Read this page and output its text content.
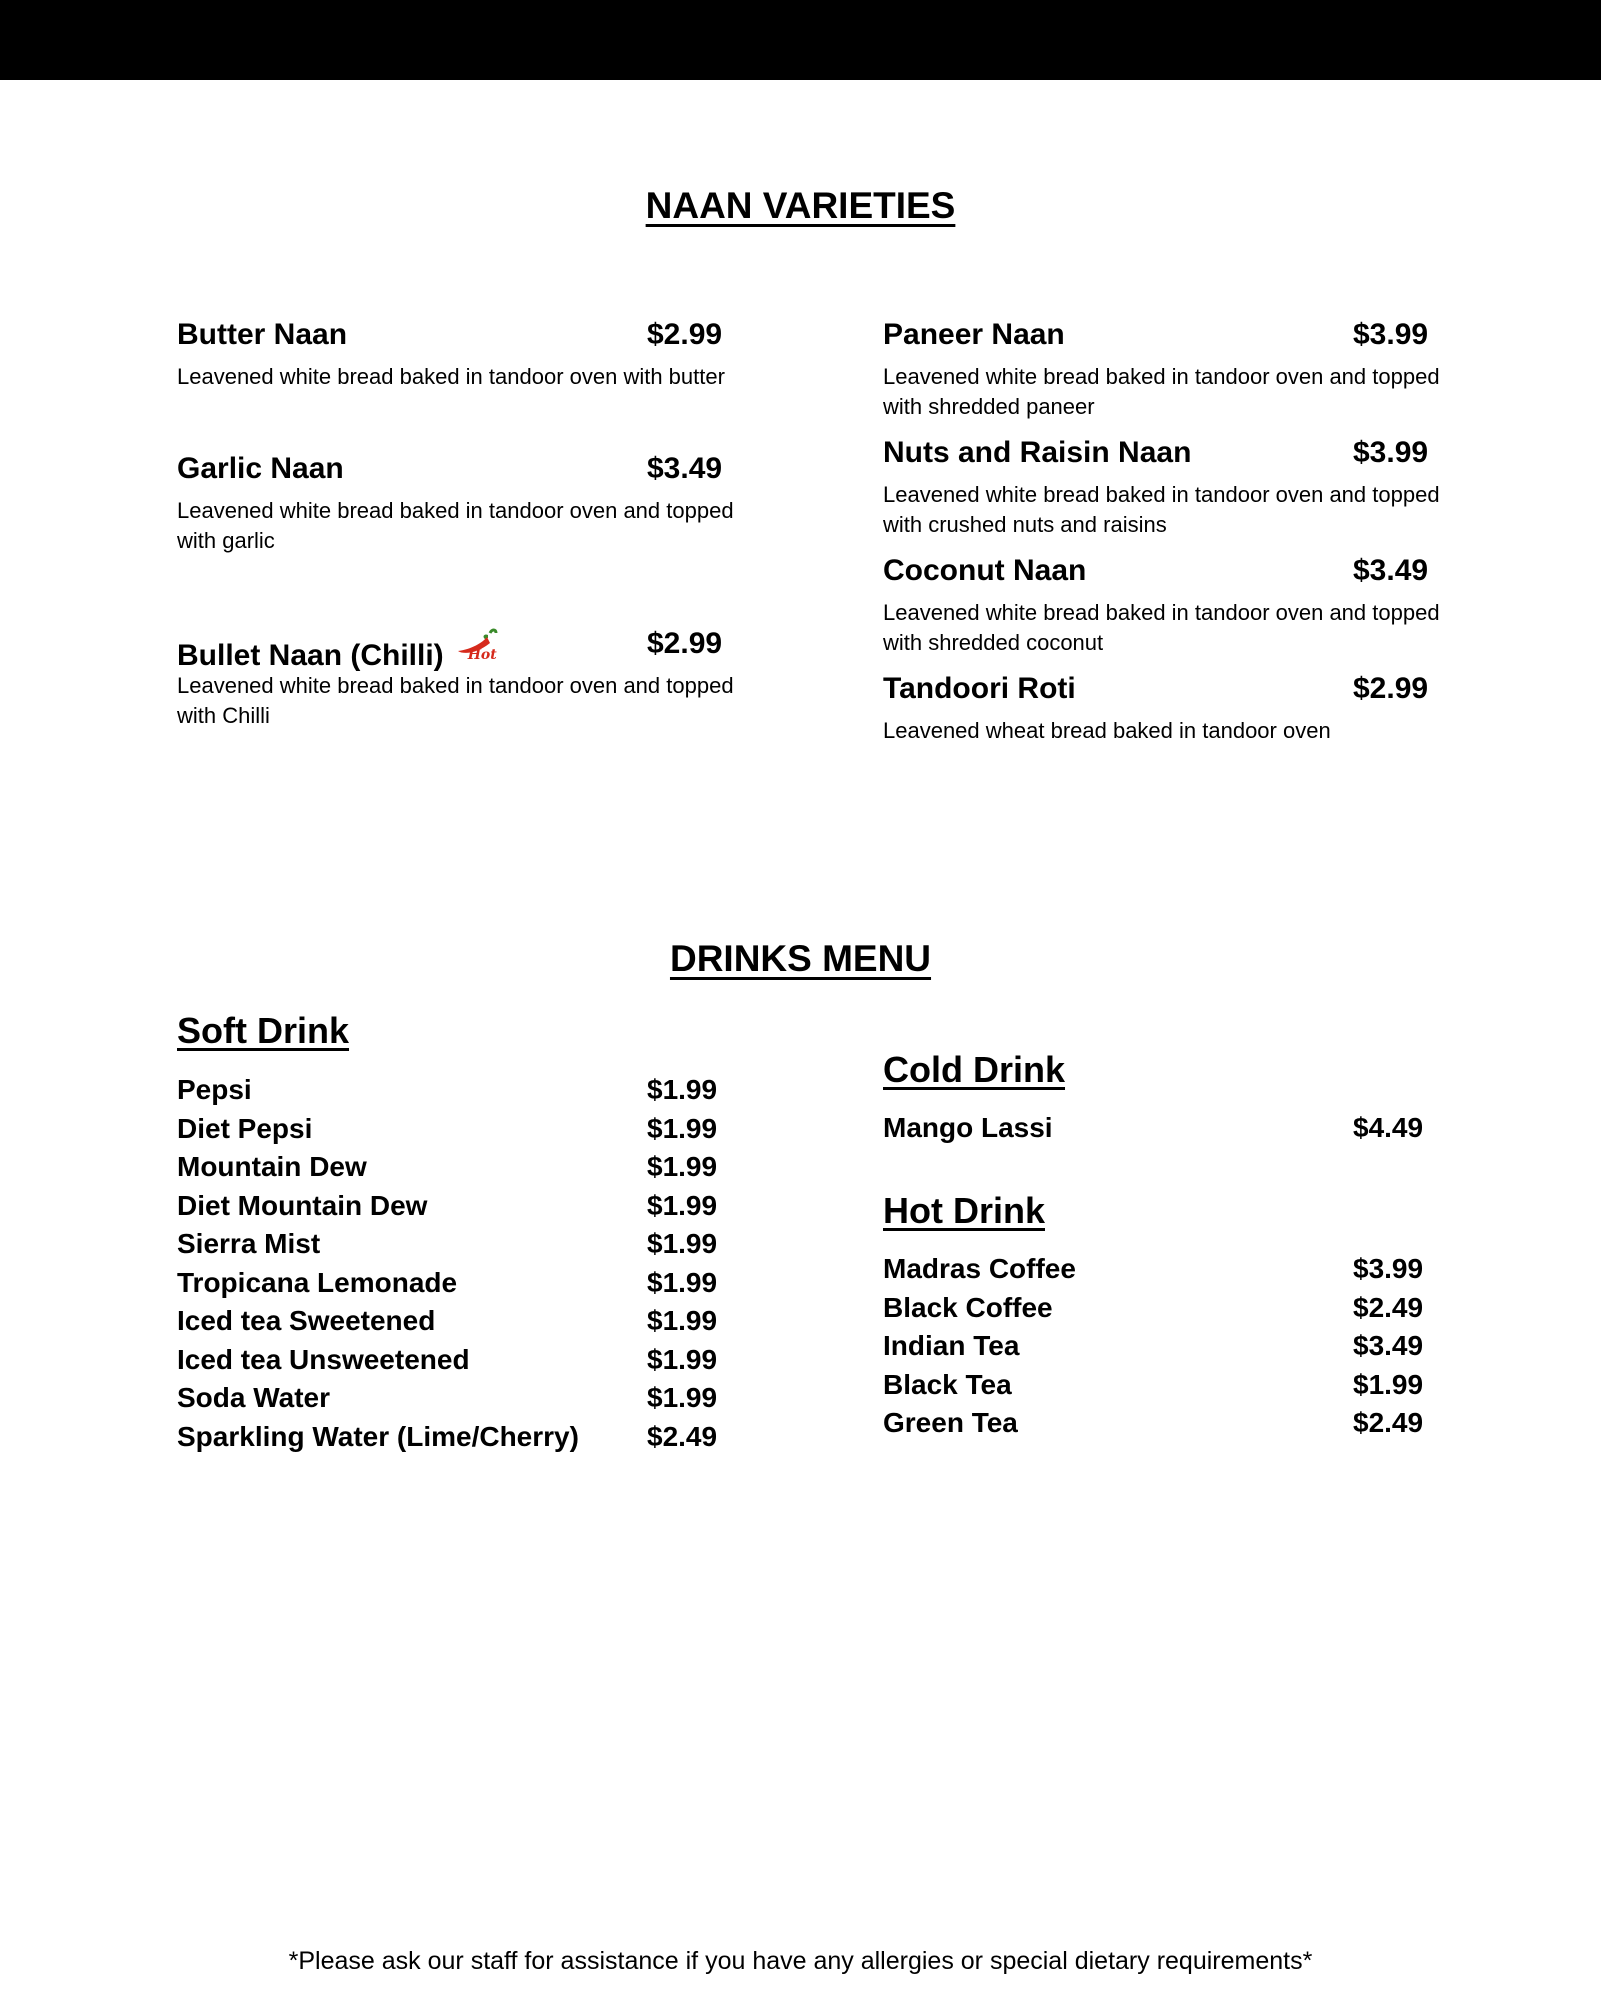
NAAN VARIETIES
Butter Naan	$2.99
Leavened white bread baked in tandoor oven with butter
Garlic Naan	$3.49
Leavened white bread baked in tandoor oven and topped with garlic
Bullet Naan (Chilli) Hot	$2.99
Leavened white bread baked in tandoor oven and topped with Chilli
Paneer Naan	$3.99
Leavened white bread baked in tandoor oven and topped with shredded paneer
Nuts and Raisin Naan	$3.99
Leavened white bread baked in tandoor oven and topped with crushed nuts and raisins
Coconut Naan	$3.49
Leavened white bread baked in tandoor oven and topped with shredded coconut
Tandoori Roti	$2.99
Leavened wheat bread baked in tandoor oven
DRINKS MENU
Soft Drink
Pepsi	$1.99
Diet Pepsi	$1.99
Mountain Dew	$1.99
Diet Mountain Dew	$1.99
Sierra Mist	$1.99
Tropicana Lemonade	$1.99
Iced tea Sweetened	$1.99
Iced tea Unsweetened	$1.99
Soda Water	$1.99
Sparkling Water (Lime/Cherry) $2.49
Cold Drink
Mango Lassi	$4.49
Hot Drink
Madras Coffee	$3.99
Black Coffee	$2.49
Indian Tea	$3.49
Black Tea	$1.99
Green Tea	$2.49
*Please ask our staff for assistance if you have any allergies or special dietary requirements*
